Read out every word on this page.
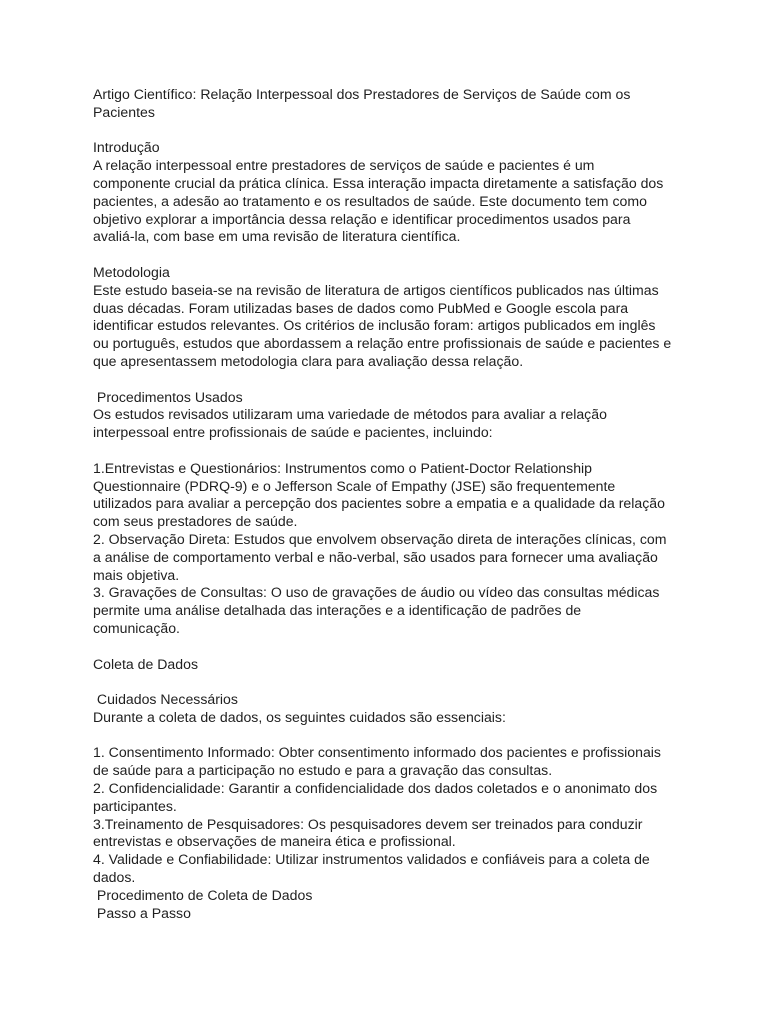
Artigo Científico: Relação Interpessoal dos Prestadores de Serviços de Saúde com os
Pacientes
Introdução
A relação interpessoal entre prestadores de serviços de saúde e pacientes é um
componente crucial da prática clínica. Essa interação impacta diretamente a satisfação dos
pacientes, a adesão ao tratamento e os resultados de saúde. Este documento tem como
objetivo explorar a importância dessa relação e identificar procedimentos usados para
avaliá-la, com base em uma revisão de literatura científica.
Metodologia
Este estudo baseia-se na revisão de literatura de artigos científicos publicados nas últimas
duas décadas. Foram utilizadas bases de dados como PubMed e Google escola para
identificar estudos relevantes. Os critérios de inclusão foram: artigos publicados em inglês
ou português, estudos que abordassem a relação entre profissionais de saúde e pacientes e
que apresentassem metodologia clara para avaliação dessa relação.
Procedimentos Usados
Os estudos revisados utilizaram uma variedade de métodos para avaliar a relação
interpessoal entre profissionais de saúde e pacientes, incluindo:
1.Entrevistas e Questionários: Instrumentos como o Patient-Doctor Relationship
Questionnaire (PDRQ-9) e o Jefferson Scale of Empathy (JSE) são frequentemente
utilizados para avaliar a percepção dos pacientes sobre a empatia e a qualidade da relação
com seus prestadores de saúde.
2. Observação Direta: Estudos que envolvem observação direta de interações clínicas, com
a análise de comportamento verbal e não-verbal, são usados para fornecer uma avaliação
mais objetiva.
3. Gravações de Consultas: O uso de gravações de áudio ou vídeo das consultas médicas
permite uma análise detalhada das interações e a identificação de padrões de
comunicação.
Coleta de Dados
Cuidados Necessários
Durante a coleta de dados, os seguintes cuidados são essenciais:
1. Consentimento Informado: Obter consentimento informado dos pacientes e profissionais
de saúde para a participação no estudo e para a gravação das consultas.
2. Confidencialidade: Garantir a confidencialidade dos dados coletados e o anonimato dos
participantes.
3.Treinamento de Pesquisadores: Os pesquisadores devem ser treinados para conduzir
entrevistas e observações de maneira ética e profissional.
4. Validade e Confiabilidade: Utilizar instrumentos validados e confiáveis para a coleta de
dados.
Procedimento de Coleta de Dados
Passo a Passo
